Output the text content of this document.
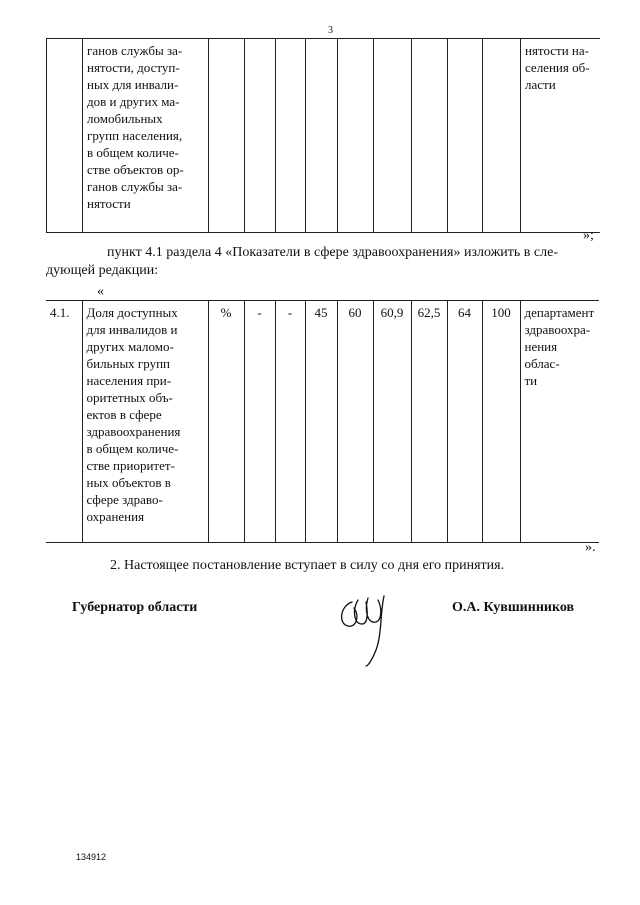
3
	ганов службы за-
нятости, доступ-
ных для инвали-
дов и других ма-
ломобильных
групп населения,
в общем количе-
стве объектов ор-
ганов службы за-
нятости										нятости на-
селения об-
ласти
»;
пункт 4.1 раздела 4 «Показатели в сфере здравоохранения» изложить в сле-
дующей редакции:
«
4.1.	Доля доступных
для инвалидов и
других маломо-
бильных групп
населения при-
оритетных объ-
ектов в сфере
здравоохранения
в общем количе-
стве приоритет-
ных объектов в
сфере здраво-
охранения	%	-	-	45	60	60,9	62,5	64	100	департамент
здравоохра-
нения облас-
ти
».
2. Настоящее постановление вступает в силу со дня его принятия.
Губернатор области	О.А. Кувшинников
134912
